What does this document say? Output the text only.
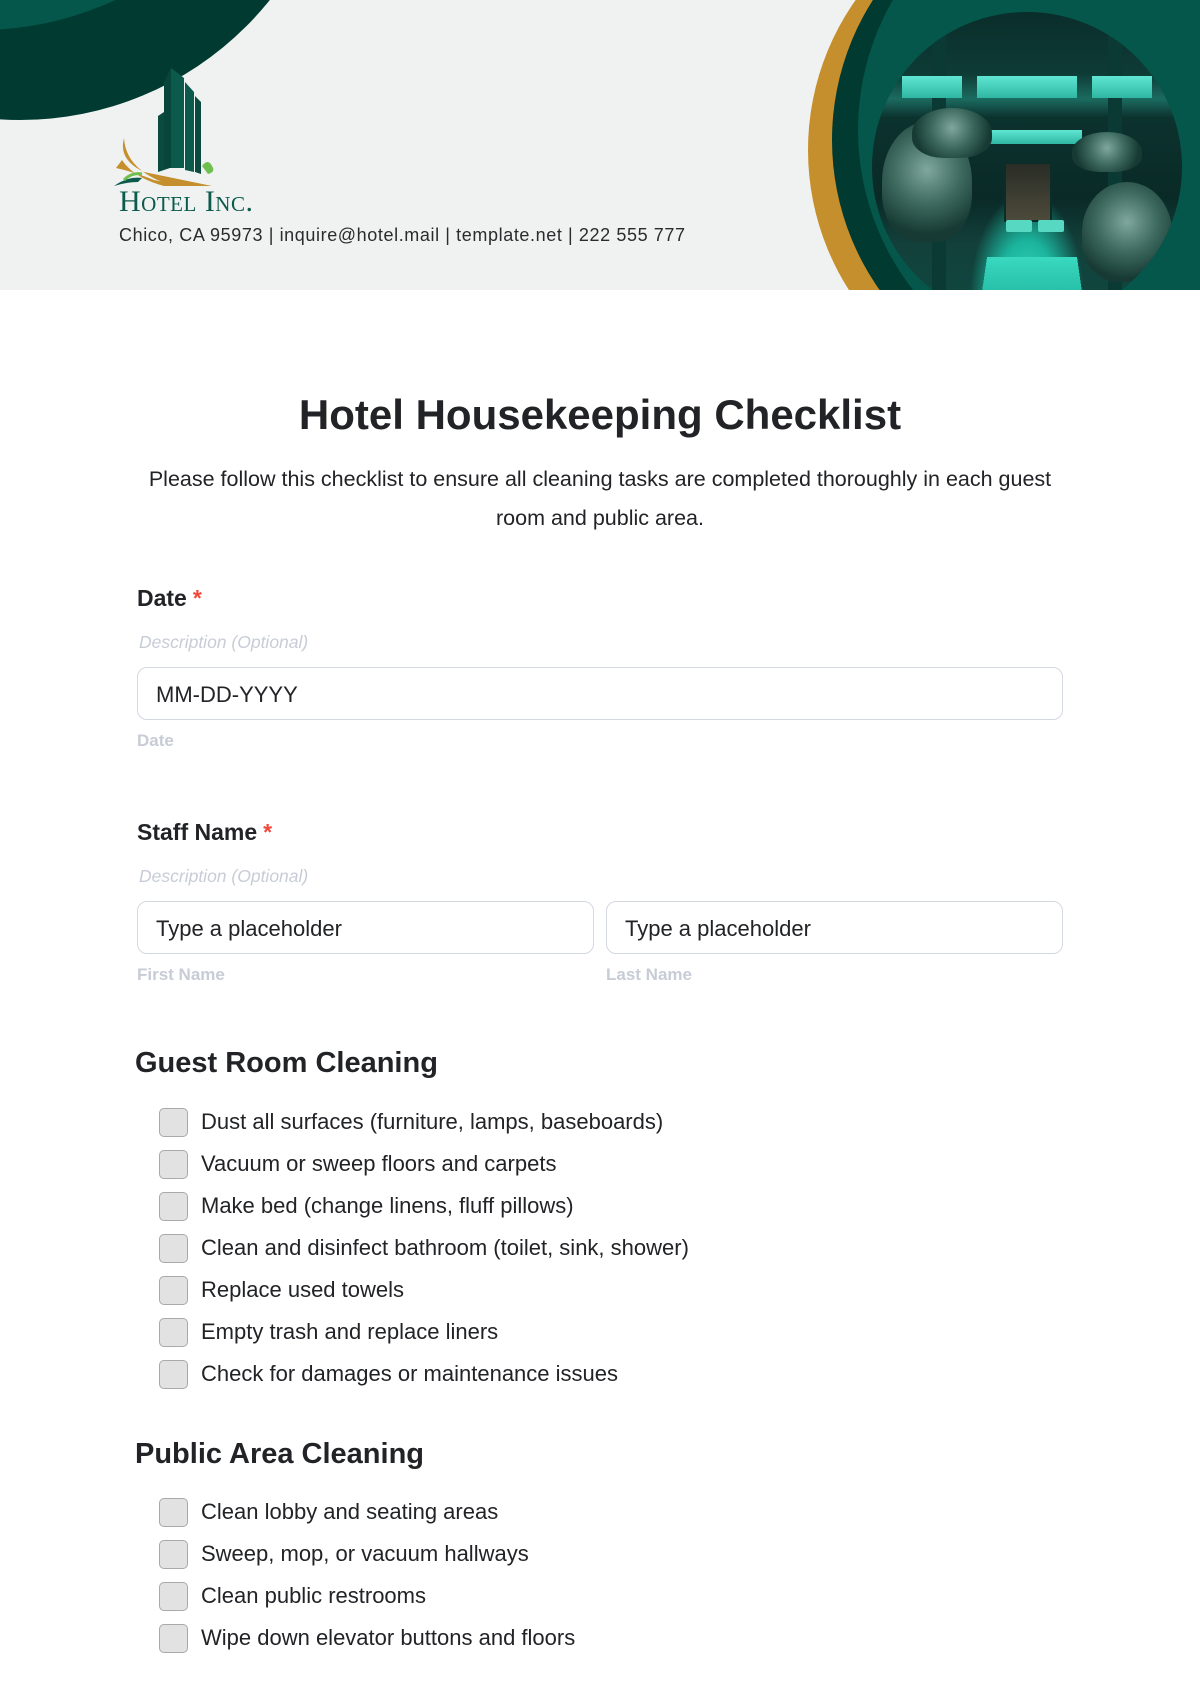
Hotel Inc.
Chico, CA 95973 | inquire@hotel.mail | template.net | 222 555 777
Hotel Housekeeping Checklist

Please follow this checklist to ensure all cleaning tasks are completed thoroughly in each guest room and public area.

Date *
Description (Optional)
MM-DD-YYYY
Date
Staff Name *
Description (Optional)
Type a placeholder	Type a placeholder
First Name	Last Name
Guest Room Cleaning
Dust all surfaces (furniture, lamps, baseboards)
Vacuum or sweep floors and carpets
Make bed (change linens, fluff pillows)
Clean and disinfect bathroom (toilet, sink, shower)
Replace used towels
Empty trash and replace liners
Check for damages or maintenance issues
Public Area Cleaning
Clean lobby and seating areas
Sweep, mop, or vacuum hallways
Clean public restrooms
Wipe down elevator buttons and floors
